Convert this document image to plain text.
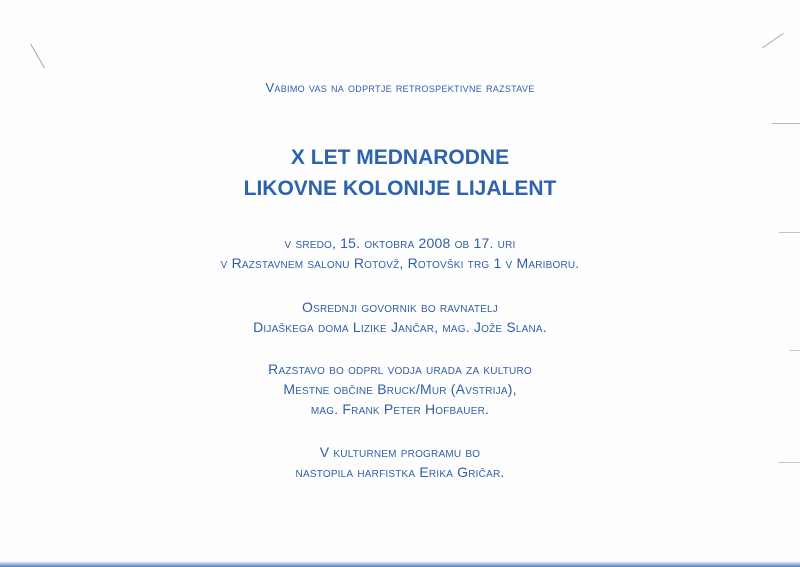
Vabimo vas na odprtje retrospektivne razstave
X LET MEDNARODNE
LIKOVNE KOLONIJE LIJALENT
v sredo, 15. oktobra 2008 ob 17. uri
v Razstavnem salonu Rotovž, Rotovški trg 1 v Mariboru.
Osrednji govornik bo ravnatelj
Dijaškega doma Lizike Jančar, mag. Jože Slana.
Razstavo bo odprl vodja urada za kulturo
Mestne občine Bruck/Mur (Avstrija),
mag. Frank Peter Hofbauer.
V kulturnem programu bo
nastopila harfistka Erika Gričar.
